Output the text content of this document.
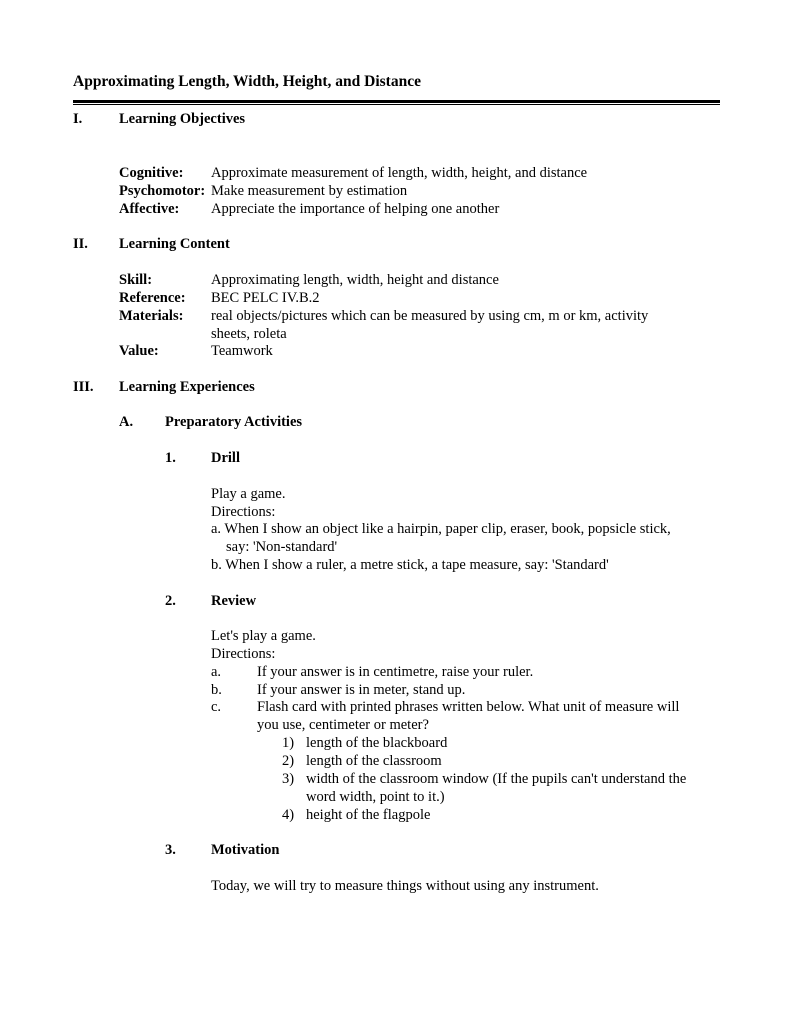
Approximating Length, Width, Height, and Distance
I.	Learning Objectives
Cognitive: Approximate measurement of length, width, height, and distance
Psychomotor: Make measurement by estimation
Affective: Appreciate the importance of helping one another
II. Learning Content
Skill:	Approximating length, width, height and distance
Reference: BEC PELC IV.B.2
Materials: real objects/pictures which can be measured by using cm, m or km, activity
sheets, roleta
Value:	Teamwork
III. Learning Experiences
A. Preparatory Activities
1. Drill
Play a game.
Directions:
a. When I show an object like a hairpin, paper clip, eraser, book, popsicle stick,
say: 'Non-standard'
b. When I show a ruler, a metre stick, a tape measure, say: 'Standard'
2. Review
Let's play a game.
Directions:
a. If your answer is in centimetre, raise your ruler.
b. If your answer is in meter, stand up.
c. Flash card with printed phrases written below. What unit of measure will
you use, centimeter or meter?
1) length of the blackboard
2) length of the classroom
3) width of the classroom window (If the pupils can't understand the
word width, point to it.)
4) height of the flagpole
3. Motivation
Today, we will try to measure things without using any instrument.
